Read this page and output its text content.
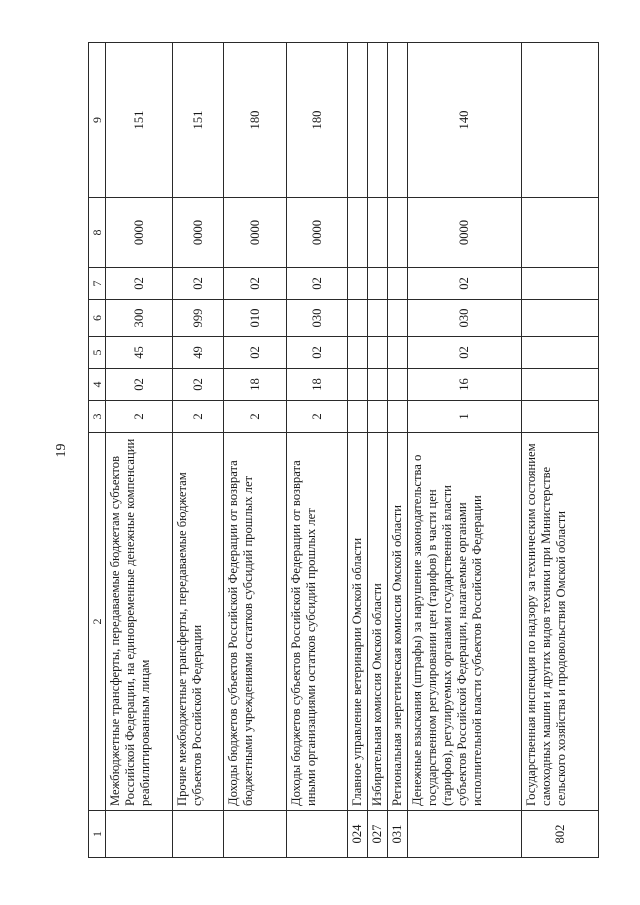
19
1	2	3	4	5	6	7	8	9
	Межбюджетные трансферты, передаваемые бюджетам субъектов Российской Федерации, на единовременные денежные компенсации реабилитированным лицам	2	02	45	300	02	0000	151
	Прочие межбюджетные трансферты, передаваемые бюджетам субъектов Российской Федерации	2	02	49	999	02	0000	151
	Доходы бюджетов субъектов Российской Федерации от возврата бюджетными учреждениями остатков субсидий прошлых лет	2	18	02	010	02	0000	180
	Доходы бюджетов субъектов Российской Федерации от возврата иными организациями остатков субсидий прошлых лет	2	18	02	030	02	0000	180
024	Главное управление ветеринарии Омской области							
027	Избирательная комиссия Омской области							
031	Региональная энергетическая комиссия Омской области							
	Денежные взыскания (штрафы) за нарушение законодательства о государственном регулировании цен (тарифов) в части цен (тарифов), регулируемых органами государственной власти субъектов Российской Федерации, налагаемые органами исполнительной власти субъектов Российской Федерации	1	16	02	030	02	0000	140
802	Государственная инспекция по надзору за техническим состоянием самоходных машин и других видов техники при Министерстве сельского хозяйства и продовольствия Омской области							
